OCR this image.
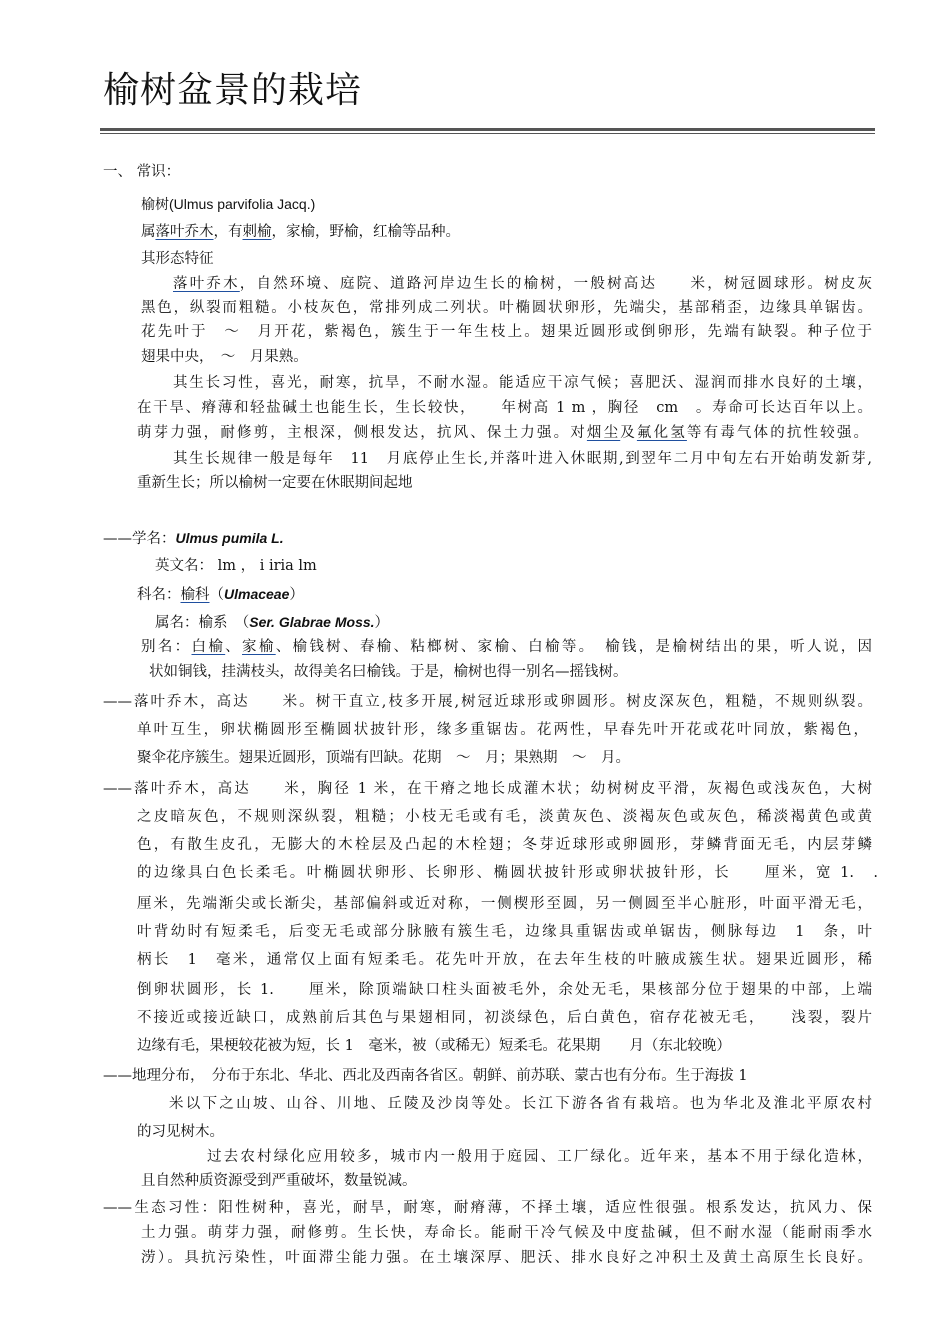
榆树盆景的栽培
一、 常识：
榆树(Ulmus parvifolia Jacq.)
属落叶乔木，有刺榆，家榆，野榆，红榆等品种。
其形态特征
落叶乔木，自然环境、庭院、道路河岸边生长的榆树，一般树高达　　米，树冠圆球形。树皮灰
黑色，纵裂而粗糙。小枝灰色，常排列成二列状。叶椭圆状卵形，先端尖，基部稍歪，边缘具单锯齿。
花先叶于　～　月开花，紫褐色，簇生于一年生枝上。翅果近圆形或倒卵形，先端有缺裂。种子位于
翅果中央，　～　月果熟。
其生长习性，喜光，耐寒，抗旱，不耐水湿。能适应干凉气候；喜肥沃、湿润而排水良好的土壤，
在干旱、瘠薄和轻盐碱土也能生长，生长较快，　　年树高 1 m ，胸径　cm　。寿命可长达百年以上。
萌芽力强，耐修剪，主根深，侧根发达，抗风、保土力强。对烟尘及氟化氢等有毒气体的抗性较强。
其生长规律一般是每年　11　月底停止生长,并落叶进入休眠期,到翌年二月中旬左右开始萌发新芽,
重新生长；所以榆树一定要在休眠期间起地
——学名：Ulmus pumila L.
英文名： lm ， i iria lm
科名：榆科（Ulmaceae）
属名：榆系　（Ser. Glabrae Moss.）
别名：白榆、家榆、榆钱树、春榆、粘榔树、家榆、白榆等。　榆钱，是榆树结出的果，听人说，因
状如铜钱，挂满枝头，故得美名曰榆钱。于是，榆树也得一别名—摇钱树。
——落叶乔木，高达　　米。树干直立,枝多开展,树冠近球形或卵圆形。树皮深灰色，粗糙，不规则纵裂。
单叶互生，卵状椭圆形至椭圆状披针形，缘多重锯齿。花两性，早春先叶开花或花叶同放，紫褐色，
聚伞花序簇生。翅果近圆形，顶端有凹缺。花期　～　月；果熟期　～　月。
——落叶乔木，高达　　米，胸径 1 米，在干瘠之地长成灌木状；幼树树皮平滑，灰褐色或浅灰色，大树
之皮暗灰色，不规则深纵裂，粗糙；小枝无毛或有毛，淡黄灰色、淡褐灰色或灰色，稀淡褐黄色或黄
色，有散生皮孔，无膨大的木栓层及凸起的木栓翅；冬芽近球形或卵圆形，芽鳞背面无毛，内层芽鳞
的边缘具白色长柔毛。叶椭圆状卵形、长卵形、椭圆状披针形或卵状披针形，长　　厘米，宽 1.　.
厘米，先端渐尖或长渐尖，基部偏斜或近对称，一侧楔形至圆，另一侧圆至半心脏形，叶面平滑无毛，
叶背幼时有短柔毛，后变无毛或部分脉腋有簇生毛，边缘具重锯齿或单锯齿，侧脉每边　1　条，叶
柄长　1　毫米，通常仅上面有短柔毛。花先叶开放，在去年生枝的叶腋成簇生状。翅果近圆形，稀
倒卵状圆形，长 1.　　厘米，除顶端缺口柱头面被毛外，余处无毛，果核部分位于翅果的中部，上端
不接近或接近缺口，成熟前后其色与果翅相同，初淡绿色，后白黄色，宿存花被无毛，　　浅裂，裂片
边缘有毛，果梗较花被为短，长 1　毫米，被（或稀无）短柔毛。花果期　　月（东北较晚）
——地理分布，　分布于东北、华北、西北及西南各省区。朝鲜、前苏联、蒙古也有分布。生于海拔 1
米以下之山坡、山谷、川地、丘陵及沙岗等处。长江下游各省有栽培。也为华北及淮北平原农村
的习见树木。
过去农村绿化应用较多，城市内一般用于庭园、工厂绿化。近年来，基本不用于绿化造林，
且自然种质资源受到严重破坏，数量锐减。
——生态习性：阳性树种，喜光，耐旱，耐寒，耐瘠薄，不择土壤，适应性很强。根系发达，抗风力、保
土力强。萌芽力强，耐修剪。生长快，寿命长。能耐干冷气候及中度盐碱，但不耐水湿（能耐雨季水
涝）。具抗污染性，叶面滞尘能力强。在土壤深厚、肥沃、排水良好之冲积土及黄土高原生长良好。
